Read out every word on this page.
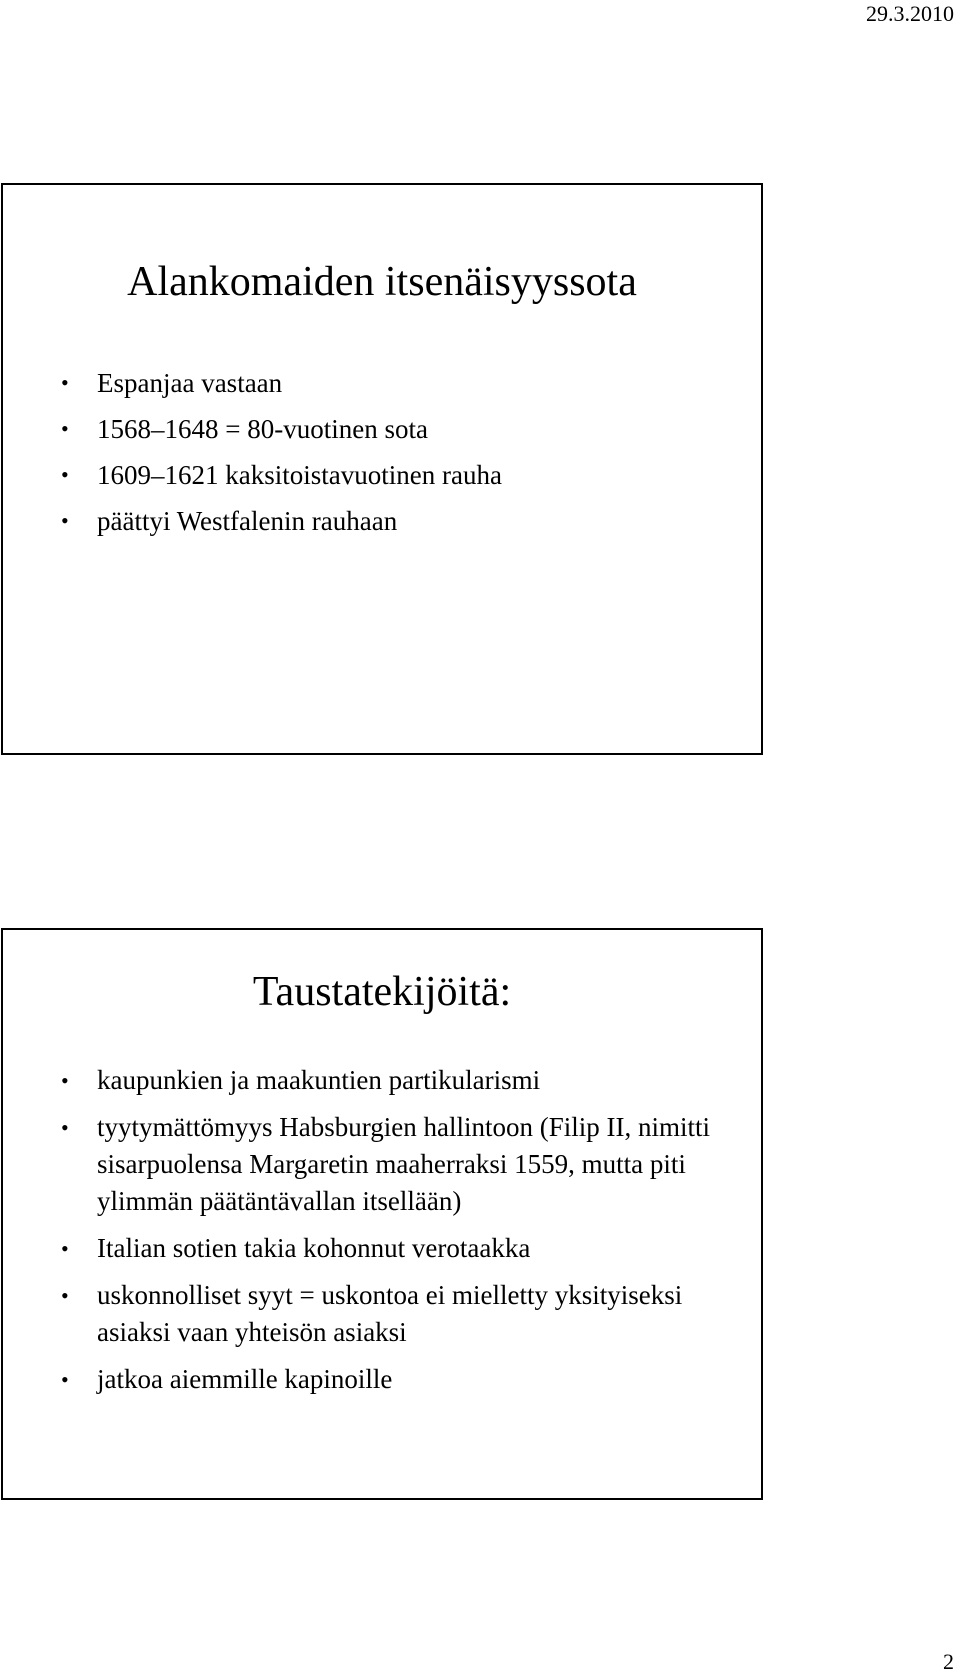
29.3.2010
Alankomaiden itsenäisyyssota
• Espanjaa vastaan
• 1568–1648 = 80-vuotinen sota
• 1609–1621 kaksitoistavuotinen rauha
• päättyi Westfalenin rauhaan
Taustatekijöitä:
• kaupunkien ja maakuntien partikularismi
• tyytymättömyys Habsburgien hallintoon (Filip II, nimitti sisarpuolensa Margaretin maaherraksi 1559, mutta piti ylimmän päätäntävallan itsellään)
• Italian sotien takia kohonnut verotaakka
• uskonnolliset syyt = uskontoa ei mielletty yksityiseksi asiaksi vaan yhteisön asiaksi
• jatkoa aiemmille kapinoille
2
